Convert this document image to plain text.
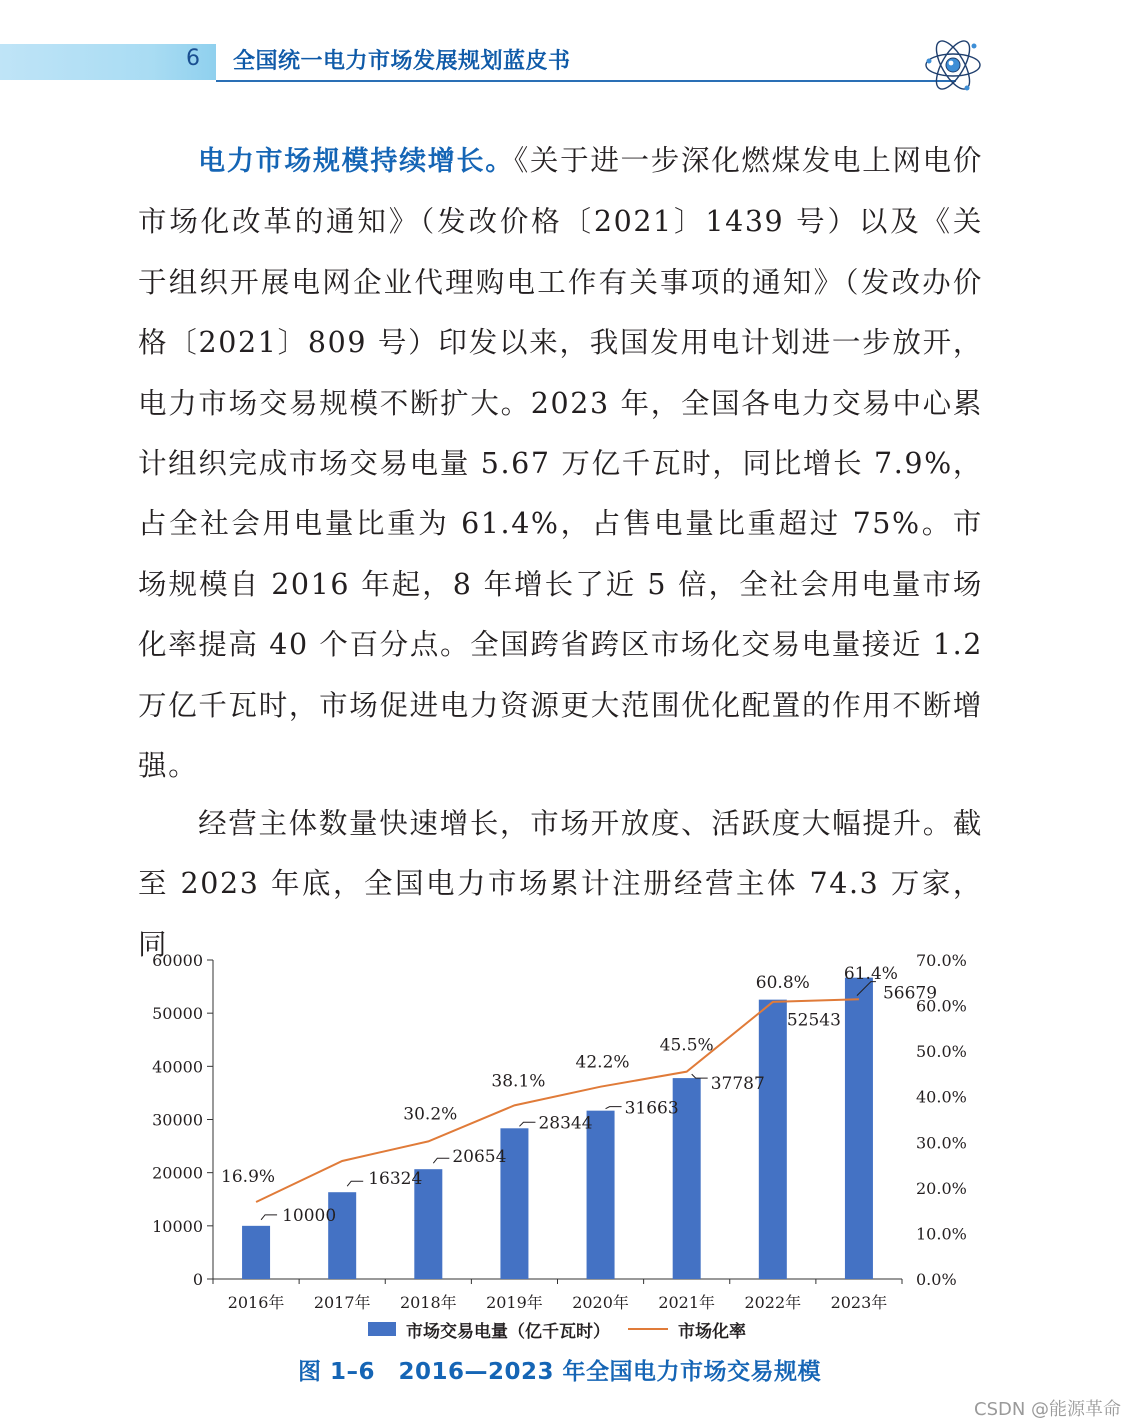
6 全国统一电力市场发展规划蓝皮书

电力市场规模持续增长。《关于进一步深化燃煤发电上网电价市场化改革的通知》（发改价格〔2021〕1439 号）以及《关于组织开展电网企业代理购电工作有关事项的通知》（发改办价格〔2021〕809 号）印发以来，我国发用电计划进一步放开，电力市场交易规模不断扩大。2023 年，全国各电力交易中心累计组织完成市场交易电量 5.67 万亿千瓦时，同比增长 7.9%，占全社会用电量比重为 61.4%，占售电量比重超过 75%。市场规模自 2016 年起，8 年增长了近 5 倍，全社会用电量市场化率提高 40 个百分点。全国跨省跨区市场化交易电量接近 1.2 万亿千瓦时，市场促进电力资源更大范围优化配置的作用不断增强。

经营主体数量快速增长，市场开放度、活跃度大幅提升。截至 2023 年底，全国电力市场累计注册经营主体 74.3 万家，同

0
10000
20000
30000
40000
50000
60000
0.0%
10.0%
20.0%
30.0%
40.0%
50.0%
60.0%
70.0%
2016年 2017年 2018年 2019年 2020年 2021年 2022年 2023年
10000
16324
20654
28344
31663
37787
52543
56679
16.9%
30.2%
38.1%
42.2%
45.5%
60.8% 61.4%
市场交易电量（亿千瓦时）	市场化率
图 1–6　2016—2023 年全国电力市场交易规模
CSDN @能源革命
